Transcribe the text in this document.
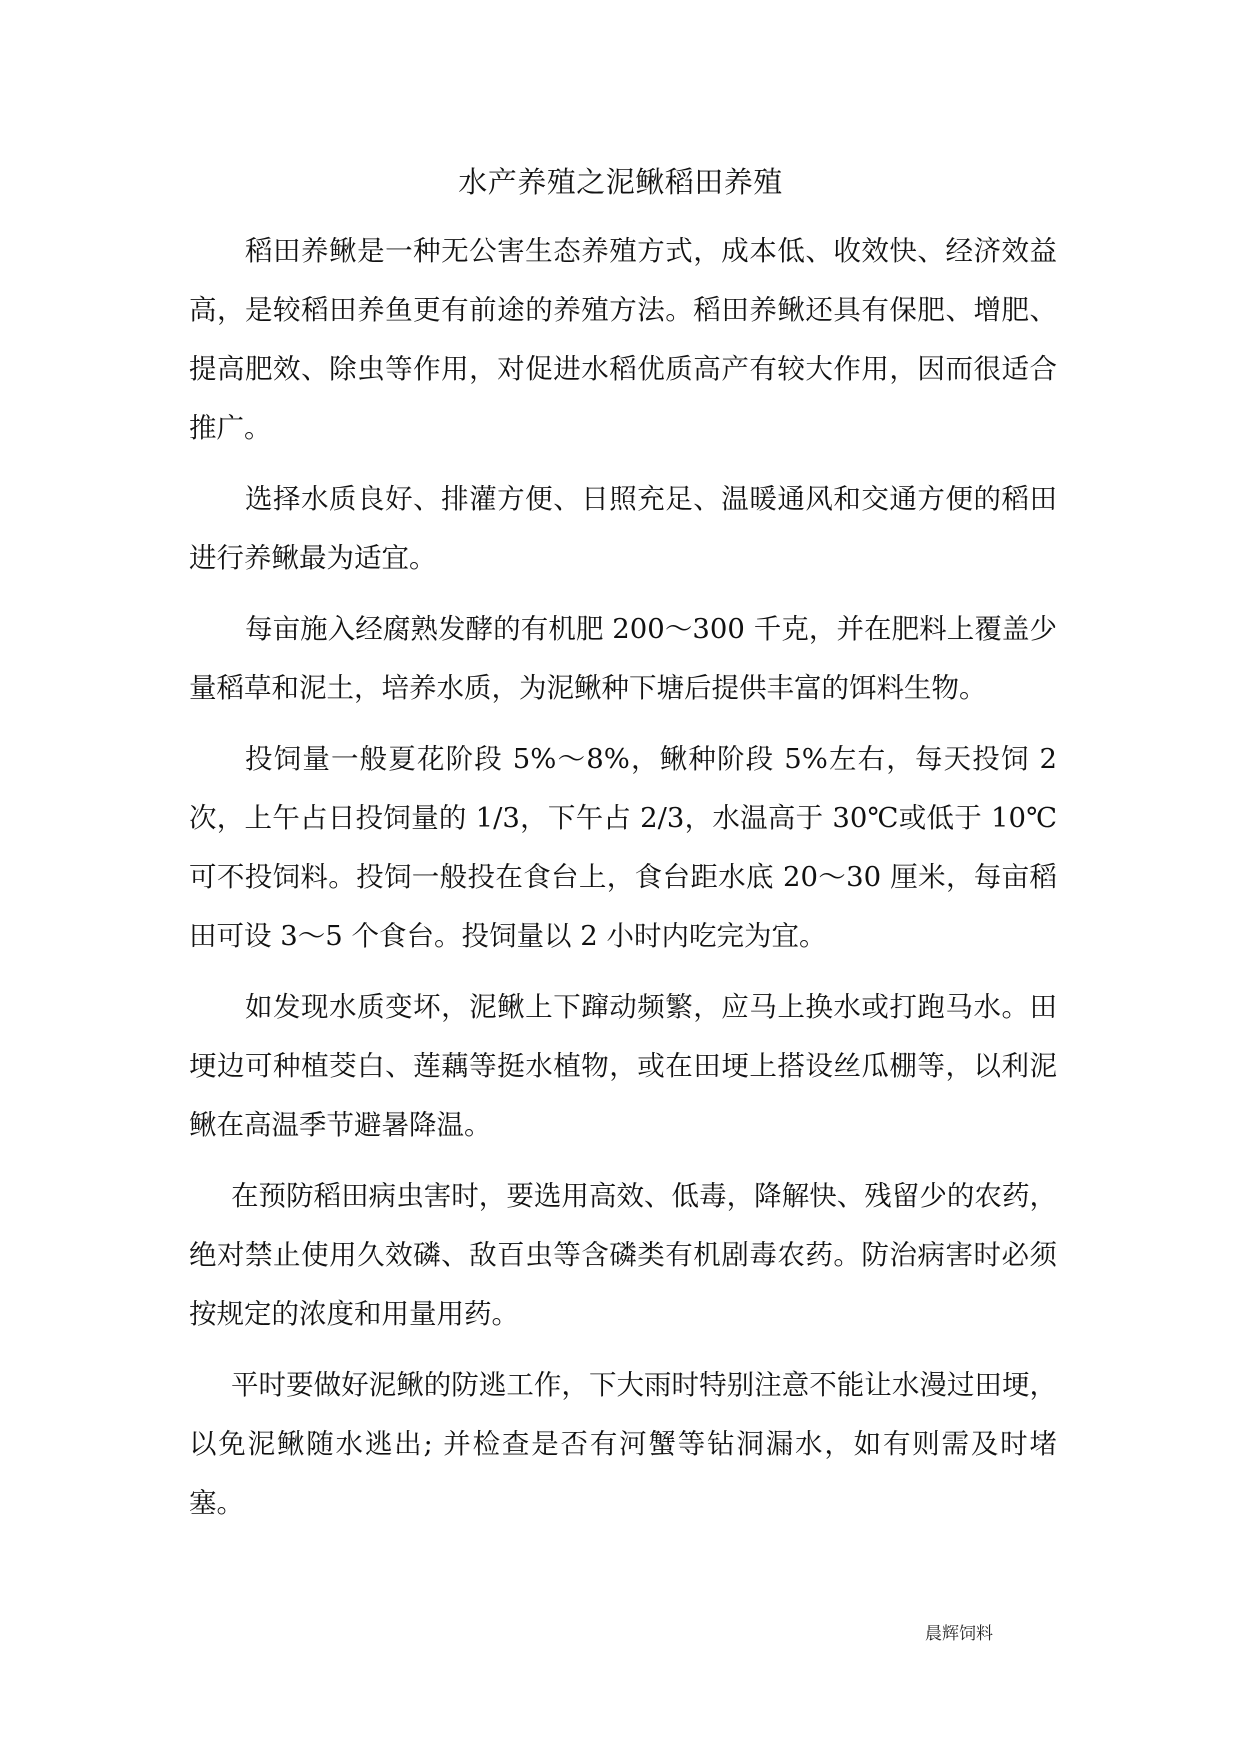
水产养殖之泥鳅稻田养殖

稻田养鳅是一种无公害生态养殖方式，成本低、收效快、经济效益高，是较稻田养鱼更有前途的养殖方法。稻田养鳅还具有保肥、增肥、提高肥效、除虫等作用，对促进水稻优质高产有较大作用，因而很适合推广。

选择水质良好、排灌方便、日照充足、温暖通风和交通方便的稻田进行养鳅最为适宜。

每亩施入经腐熟发酵的有机肥 200～300 千克，并在肥料上覆盖少量稻草和泥土，培养水质，为泥鳅种下塘后提供丰富的饵料生物。

投饲量一般夏花阶段 5%～8%，鳅种阶段 5%左右，每天投饲 2 次，上午占日投饲量的 1/3，下午占 2/3，水温高于 30℃或低于 10℃可不投饲料。投饲一般投在食台上，食台距水底 20～30 厘米，每亩稻田可设 3～5 个食台。投饲量以 2 小时内吃完为宜。

如发现水质变坏，泥鳅上下蹿动频繁，应马上换水或打跑马水。田埂边可种植茭白、莲藕等挺水植物，或在田埂上搭设丝瓜棚等，以利泥鳅在高温季节避暑降温。

在预防稻田病虫害时，要选用高效、低毒，降解快、残留少的农药，绝对禁止使用久效磷、敌百虫等含磷类有机剧毒农药。防治病害时必须按规定的浓度和用量用药。

平时要做好泥鳅的防逃工作，下大雨时特别注意不能让水漫过田埂，以免泥鳅随水逃出; 并检查是否有河蟹等钻洞漏水，如有则需及时堵塞。

晨辉饲料
